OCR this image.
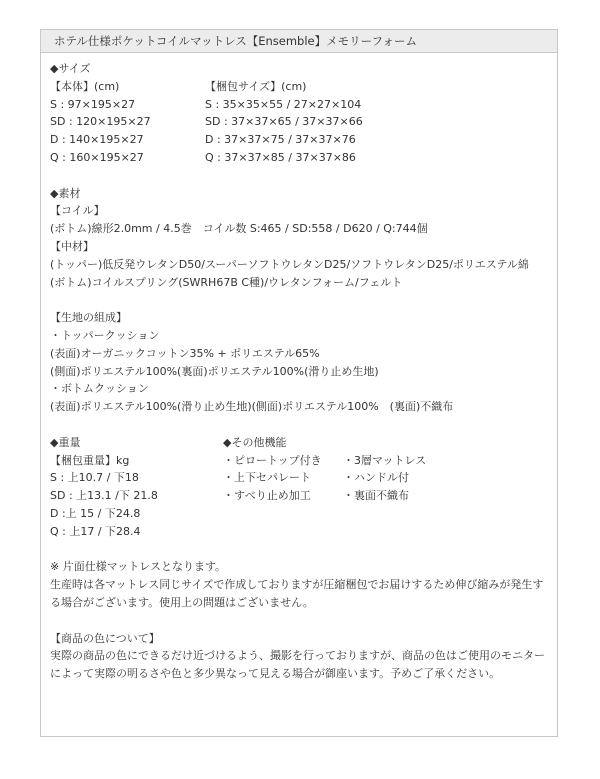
ホテル仕様ポケットコイルマットレス【Ensemble】メモリーフォーム
◆サイズ
【本体】(cm)	【梱包サイズ】(cm)
S : 97×195×27	S : 35×35×55 / 27×27×104
SD : 120×195×27	SD : 37×37×65 / 37×37×66
D : 140×195×27	D : 37×37×75 / 37×37×76
Q : 160×195×27	Q : 37×37×85 / 37×37×86
◆素材
【コイル】
(ボトム)線形2.0mm / 4.5巻　コイル数 S:465 / SD:558 / D620 / Q:744個
【中材】
(トッパー)低反発ウレタンD50/スーパーソフトウレタンD25/ソフトウレタンD25/ポリエステル綿
(ボトム)コイルスプリング(SWRH67B C種)/ウレタンフォーム/フェルト
【生地の組成】
・トッパークッション
(表面)オーガニックコットン35% + ポリエステル65%
(側面)ポリエステル100%(裏面)ポリエステル100%(滑り止め生地)
・ボトムクッション
(表面)ポリエステル100%(滑り止め生地)(側面)ポリエステル100%　(裏面)不織布
◆重量	◆その他機能
【梱包重量】kg	・ピロートップ付き	・3層マットレス
S : 上10.7 / 下18	・上下セパレート	・ハンドル付
SD : 上13.1 /下 21.8	・すべり止め加工	・裏面不織布
D :上 15 / 下24.8
Q : 上17 / 下28.4
※ 片面仕様マットレスとなります。
生産時は各マットレス同じサイズで作成しておりますが圧縮梱包でお届けするため伸び縮みが発生する場合がございます。使用上の問題はございません。
【商品の色について】
実際の商品の色にできるだけ近づけるよう、撮影を行っておりますが、商品の色はご使用のモニターによって実際の明るさや色と多少異なって見える場合が御座います。予めご了承ください。
